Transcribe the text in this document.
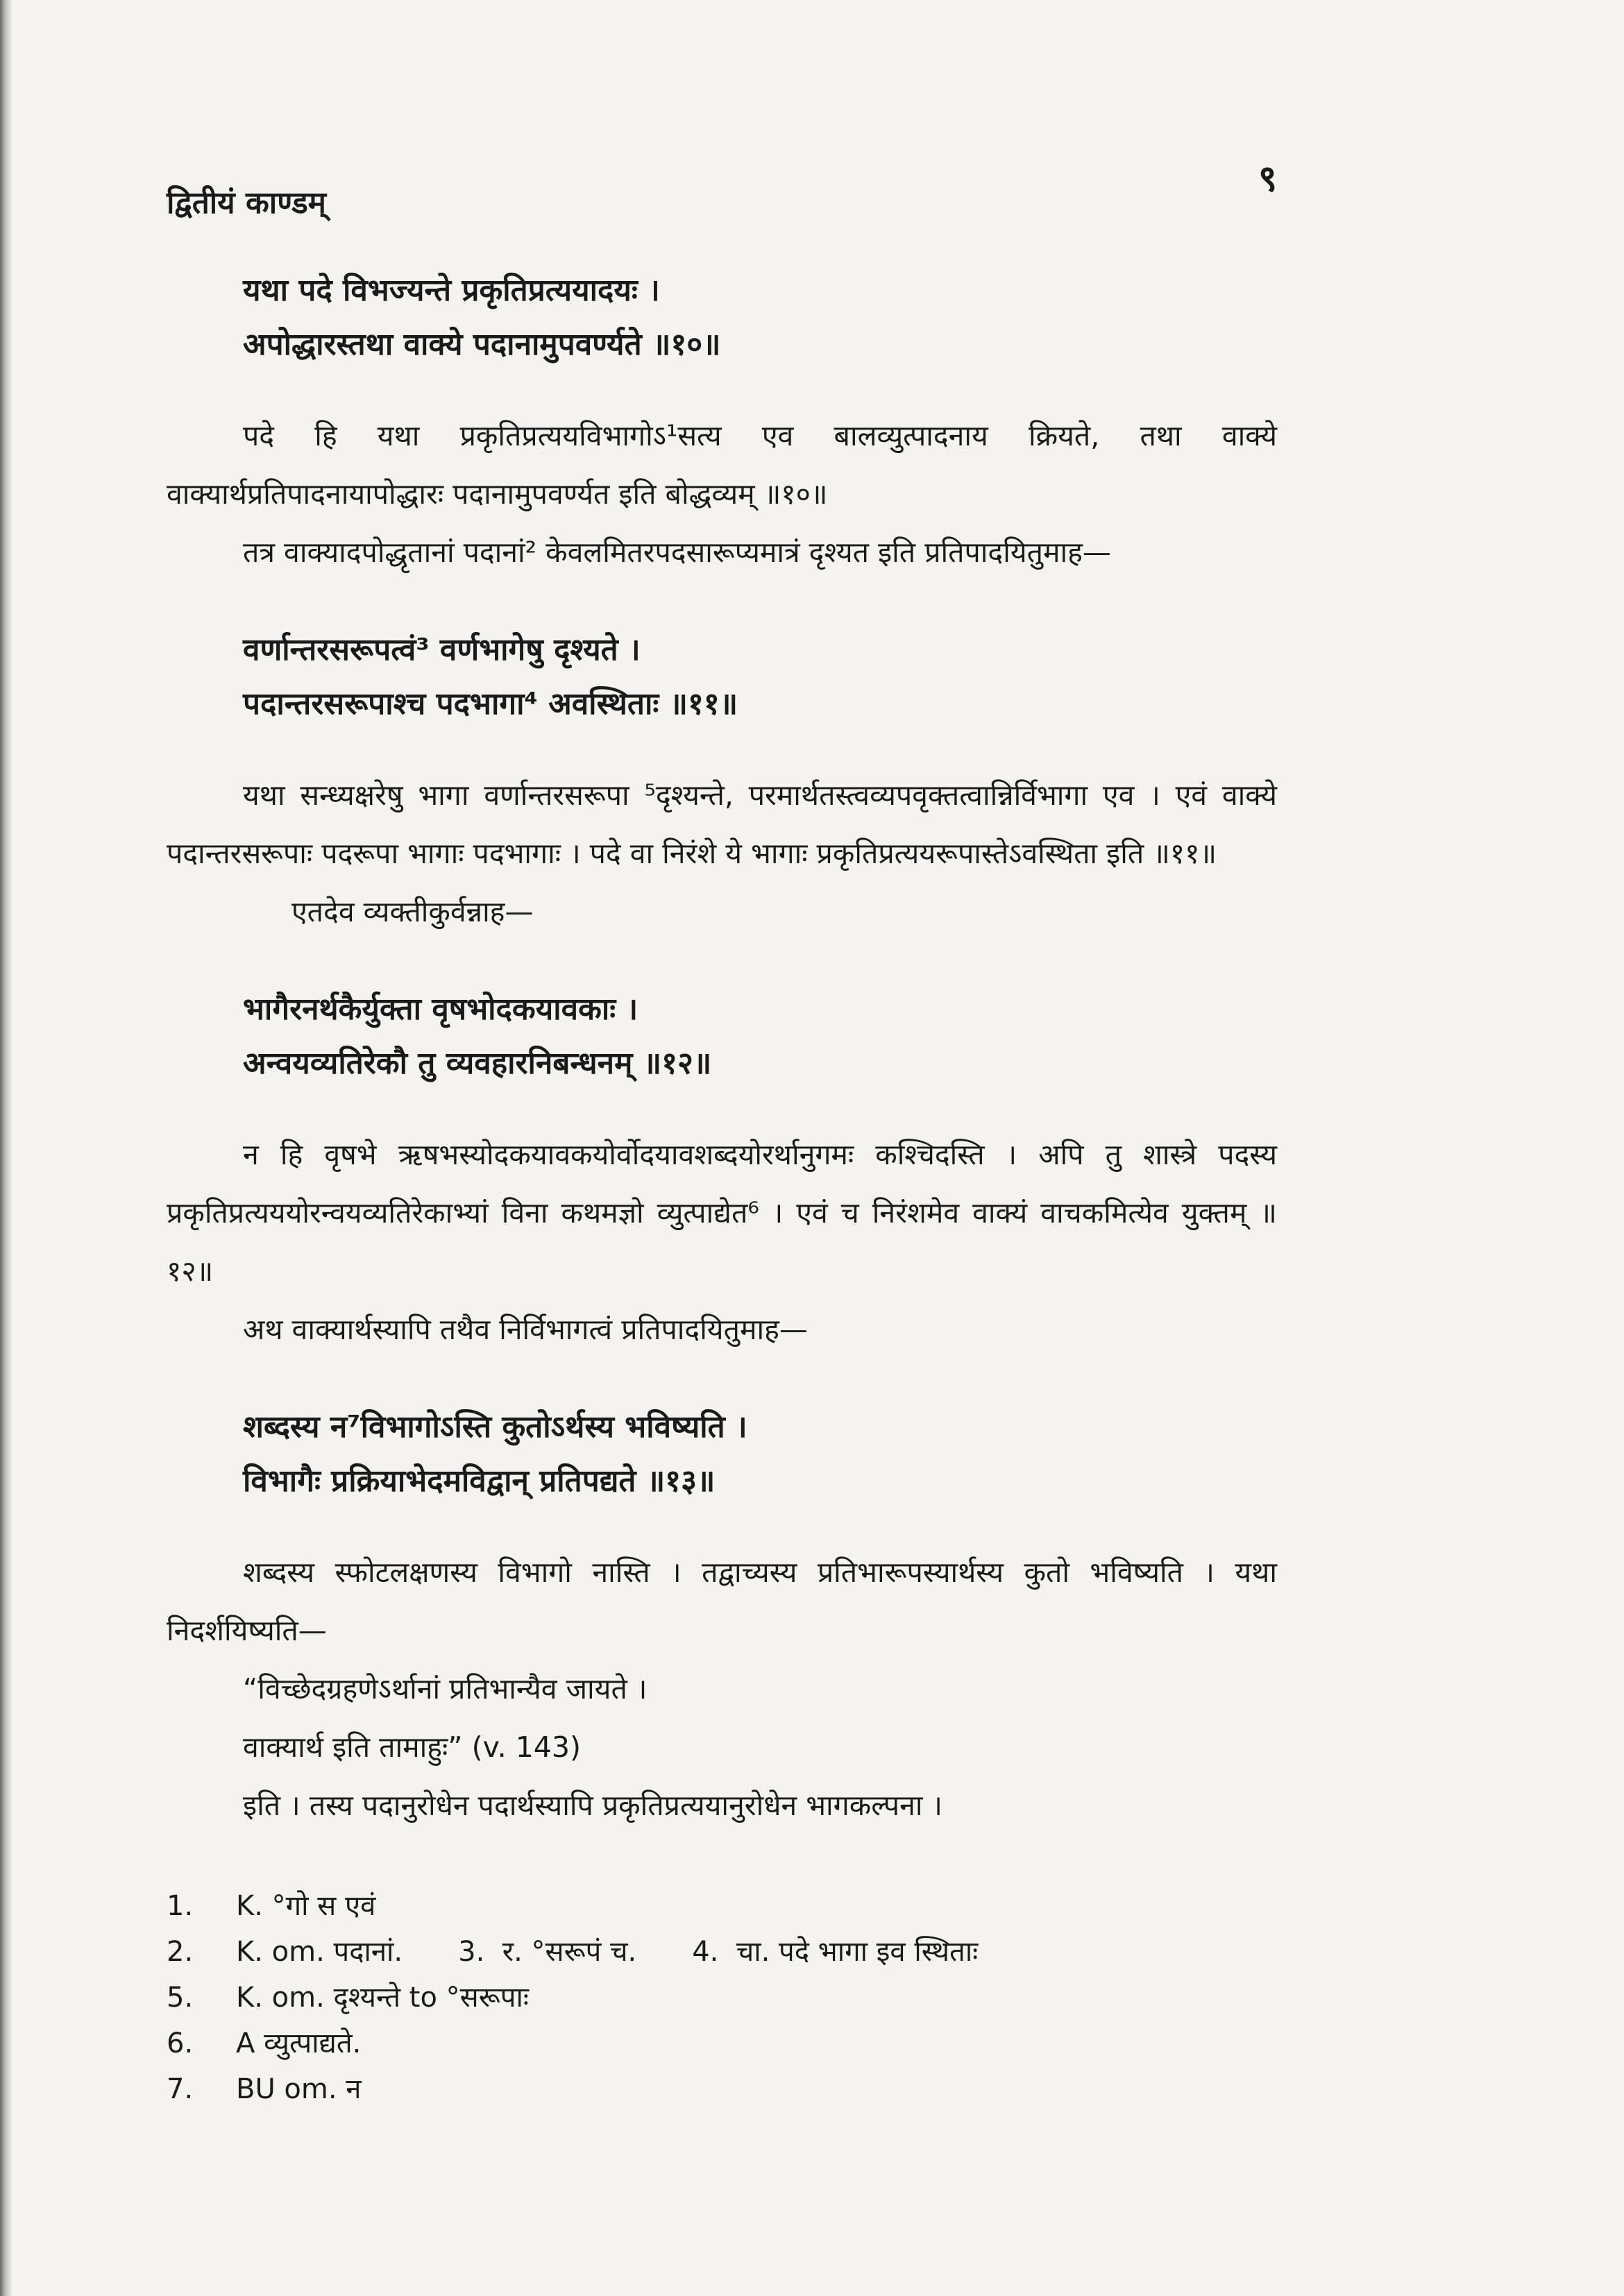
द्वितीयं काण्डम्
९
यथा पदे विभज्यन्ते प्रकृतिप्रत्ययादयः ।
अपोद्धारस्तथा वाक्ये पदानामुपवर्ण्यते ॥१०॥
पदे हि यथा प्रकृतिप्रत्ययविभागोऽ¹सत्य एव बालव्युत्पादनाय क्रियते, तथा वाक्ये वाक्यार्थप्रतिपादनायापोद्धारः पदानामुपवर्ण्यत इति बोद्धव्यम् ॥१०॥
तत्र वाक्यादपोद्धृतानां पदानां² केवलमितरपदसारूप्यमात्रं दृश्यत इति प्रतिपादयितुमाह—
वर्णान्तरसरूपत्वं³ वर्णभागेषु दृश्यते ।
पदान्तरसरूपाश्च पदभागा⁴ अवस्थिताः ॥११॥
यथा सन्ध्यक्षरेषु भागा वर्णान्तरसरूपा ⁵दृश्यन्ते, परमार्थतस्त्वव्यपवृक्तत्वान्निर्विभागा एव । एवं वाक्ये पदान्तरसरूपाः पदरूपा भागाः पदभागाः । पदे वा निरंशे ये भागाः प्रकृतिप्रत्ययरूपास्तेऽवस्थिता इति ॥११॥
एतदेव व्यक्तीकुर्वन्नाह—
भागैरनर्थकैर्युक्ता वृषभोदकयावकाः ।
अन्वयव्यतिरेकौ तु व्यवहारनिबन्धनम् ॥१२॥
न हि वृषभे ऋषभस्योदकयावकयोर्वोदयावशब्दयोरर्थानुगमः कश्चिदस्ति । अपि तु शास्त्रे पदस्य प्रकृतिप्रत्यययोरन्वयव्यतिरेकाभ्यां विना कथमज्ञो व्युत्पाद्येत⁶ । एवं च निरंशमेव वाक्यं वाचकमित्येव युक्तम् ॥१२॥
अथ वाक्यार्थस्यापि तथैव निर्विभागत्वं प्रतिपादयितुमाह—
शब्दस्य न⁷विभागोऽस्ति कुतोऽर्थस्य भविष्यति ।
विभागैः प्रक्रियाभेदमविद्वान् प्रतिपद्यते ॥१३॥
शब्दस्य स्फोटलक्षणस्य विभागो नास्ति । तद्वाच्यस्य प्रतिभारूपस्यार्थस्य कुतो भविष्यति । यथा निदर्शयिष्यति—
“विच्छेदग्रहणेऽर्थानां प्रतिभान्यैव जायते ।
वाक्यार्थ इति तामाहुः” (v. 143)
इति । तस्य पदानुरोधेन पदार्थस्यापि प्रकृतिप्रत्ययानुरोधेन भागकल्पना ।
1. K. °गो स एवं
2. K. om. पदानां. 3. र. °सरूपं च. 4. चा. पदे भागा इव स्थिताः
5. K. om. दृश्यन्ते to °सरूपाः
6. A व्युत्पाद्यते.
7. BU om. न
